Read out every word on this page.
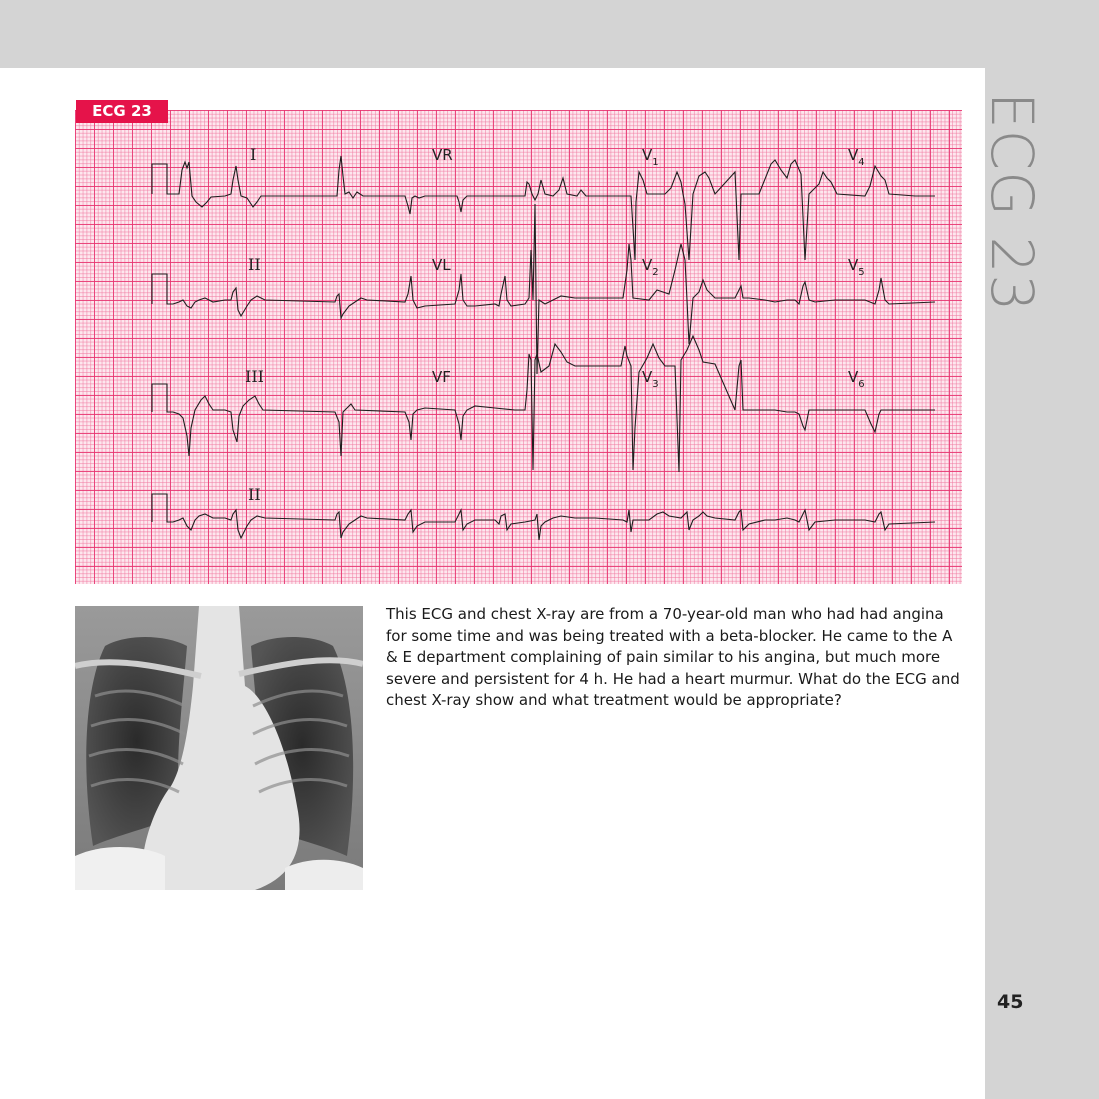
ECG 23
45
ECG 23
I	VR	$V_1$	$V_4$
II	VL	$V_2$	$V_5$
III	VF	$V_3$	$V_6$
II
This ECG and chest X-ray are from a 70-year-old man who had had angina for some time and was being treated with a beta-blocker. He came to the A & E department complaining of pain similar to his angina, but much more severe and persistent for 4 h. He had a heart murmur. What do the ECG and chest X-ray show and what treatment would be appropriate?
